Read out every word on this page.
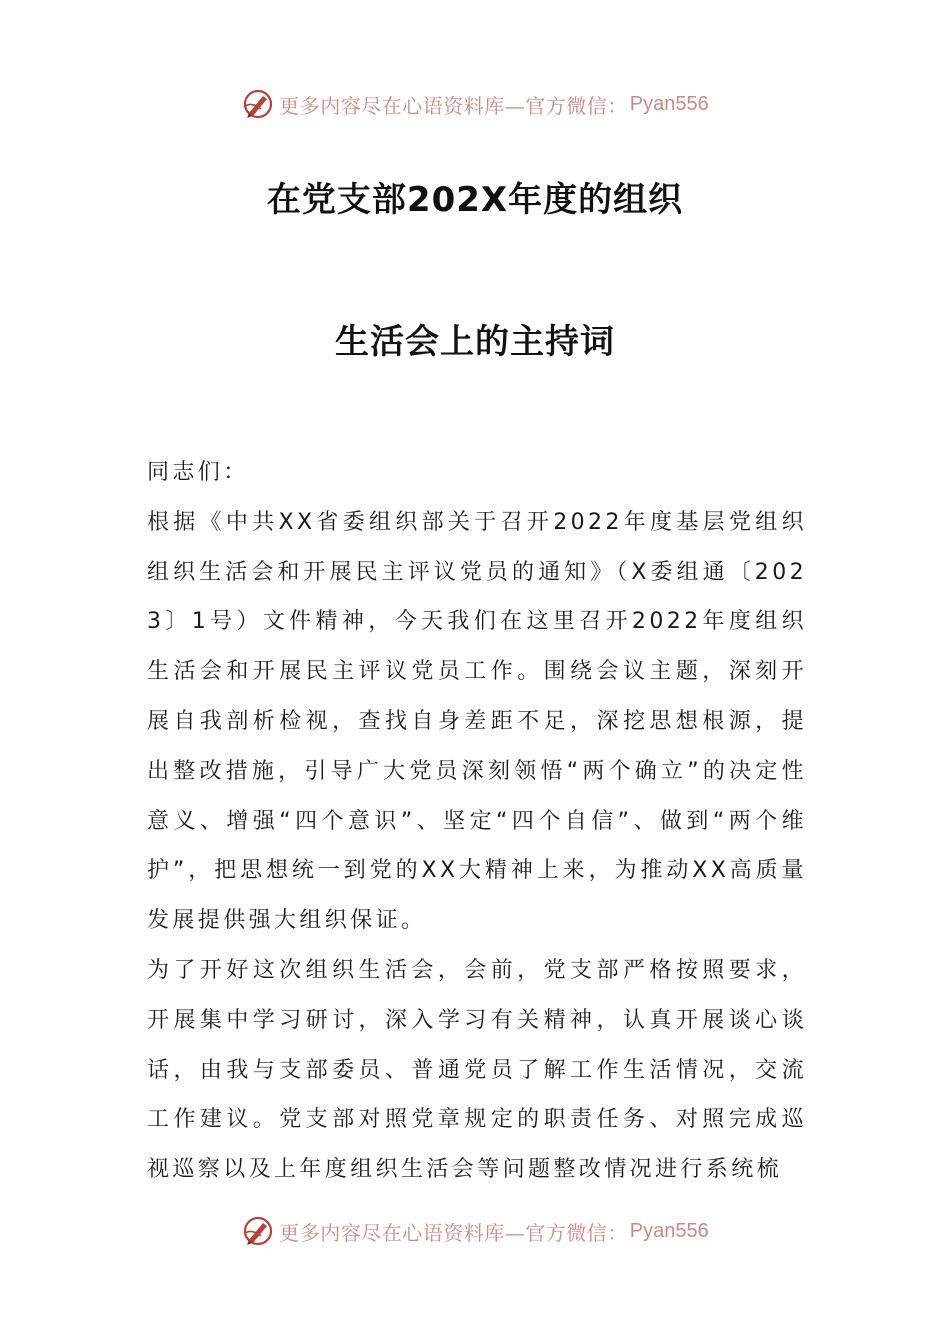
更多内容尽在心语资料库—官方微信： Pyan556
在党支部202X年度的组织
生活会上的主持词

同志们：

根据《中共XX省委组织部关于召开2022年度基层党组织组织生活会和开展民主评议党员的通知》（X委组通〔2023〕1号）文件精神，今天我们在这里召开2022年度组织生活会和开展民主评议党员工作。围绕会议主题，深刻开展自我剖析检视，查找自身差距不足，深挖思想根源，提出整改措施，引导广大党员深刻领悟“两个确立”的决定性意义、增强“四个意识”、坚定“四个自信”、做到“两个维护”，把思想统一到党的XX大精神上来，为推动XX高质量发展提供强大组织保证。

为了开好这次组织生活会，会前，党支部严格按照要求，开展集中学习研讨，深入学习有关精神，认真开展谈心谈话，由我与支部委员、普通党员了解工作生活情况，交流工作建议。党支部对照党章规定的职责任务、对照完成巡视巡察以及上年度组织生活会等问题整改情况进行系统梳

更多内容尽在心语资料库—官方微信： Pyan556
